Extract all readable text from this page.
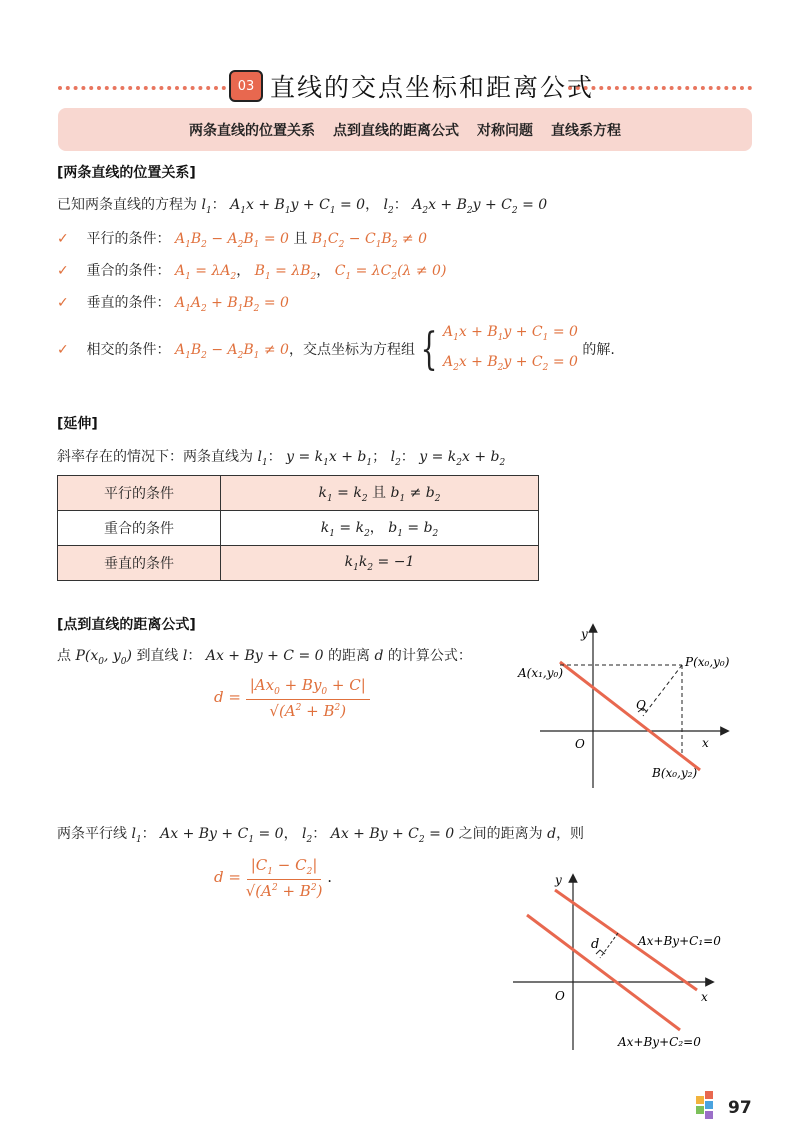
03 直线的交点坐标和距离公式
两条直线的位置关系 点到直线的距离公式 对称问题 直线系方程
[两条直线的位置关系]
已知两条直线的方程为 $l_1$： $A_1x + B_1y + C_1 = 0$， $l_2$： $A_2x + B_2y + C_2 = 0$
✓ 平行的条件： $A_1B_2 - A_2B_1 = 0$ 且 $B_1C_2 - C_1B_2 \ne 0$
✓ 重合的条件： $A_1 = \lambda A_2$， $B_1 = \lambda B_2$， $C_1 = \lambda C_2(\lambda \ne 0)$
✓ 垂直的条件： $A_1A_2 + B_1B_2 = 0$
✓ 相交的条件： $A_1B_2 - A_2B_1 \ne 0$，交点坐标为方程组 { $A_1x + B_1y + C_1 = 0$
$A_2x + B_2y + C_2 = 0$
的解.
[延伸]
斜率存在的情况下：两条直线为 $l_1$： $y = k_1x + b_1$； $l_2$： $y = k_2x + b_2$
平行的条件	$k_1 = k_2$ 且 $b_1 \ne b_2$
重合的条件	$k_1 = k_2$， $b_1 = b_2$
垂直的条件	$k_1k_2 = -1$
[点到直线的距离公式]
点 $P(x_0$, $y_0$) 到直线 l： Ax + By + C = 0 的距离 d 的计算公式：
$d = \frac{|Ax_0 + By_0 + C|}{√(A^2 + B^2)}$
y
x
O
P(x₀,y₀)
A(x₁,y₀)
B(x₀,y₂)
Q
两条平行线 $l_1$： $Ax + By + C_1 = 0$， $l_2$： $Ax + By + C_2 = 0$ 之间的距离为 d，则
$d = \frac{|C_1 - C_2|}{√(A^2 + B^2)}$ .	y
x
O
d	Ax+By+C₁=0
Ax+By+C₂=0
97
